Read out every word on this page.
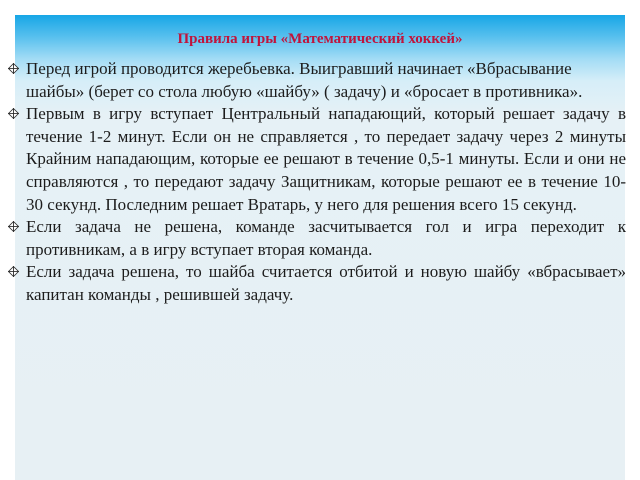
Правила игры «Математический хоккей»
Перед игрой проводится жеребьевка. Выигравший начинает «Вбрасывание шайбы» (берет со стола любую «шайбу» ( задачу) и «бросает в противника».
Первым в игру вступает Центральный нападающий, который решает задачу в течение 1-2 минут. Если он не справляется , то передает задачу через 2 минуты Крайним нападающим, которые ее решают в течение 0,5-1 минуты. Если и они не справляются , то передают задачу Защитникам, которые решают ее в течение 10- 30 секунд. Последним решает Вратарь, у него для решения всего 15 секунд.
Если задача не решена, команде засчитывается гол и игра переходит к противникам, а в игру вступает вторая команда.
Если задача решена, то шайба считается отбитой и новую шайбу «вбрасывает» капитан команды , решившей задачу.
